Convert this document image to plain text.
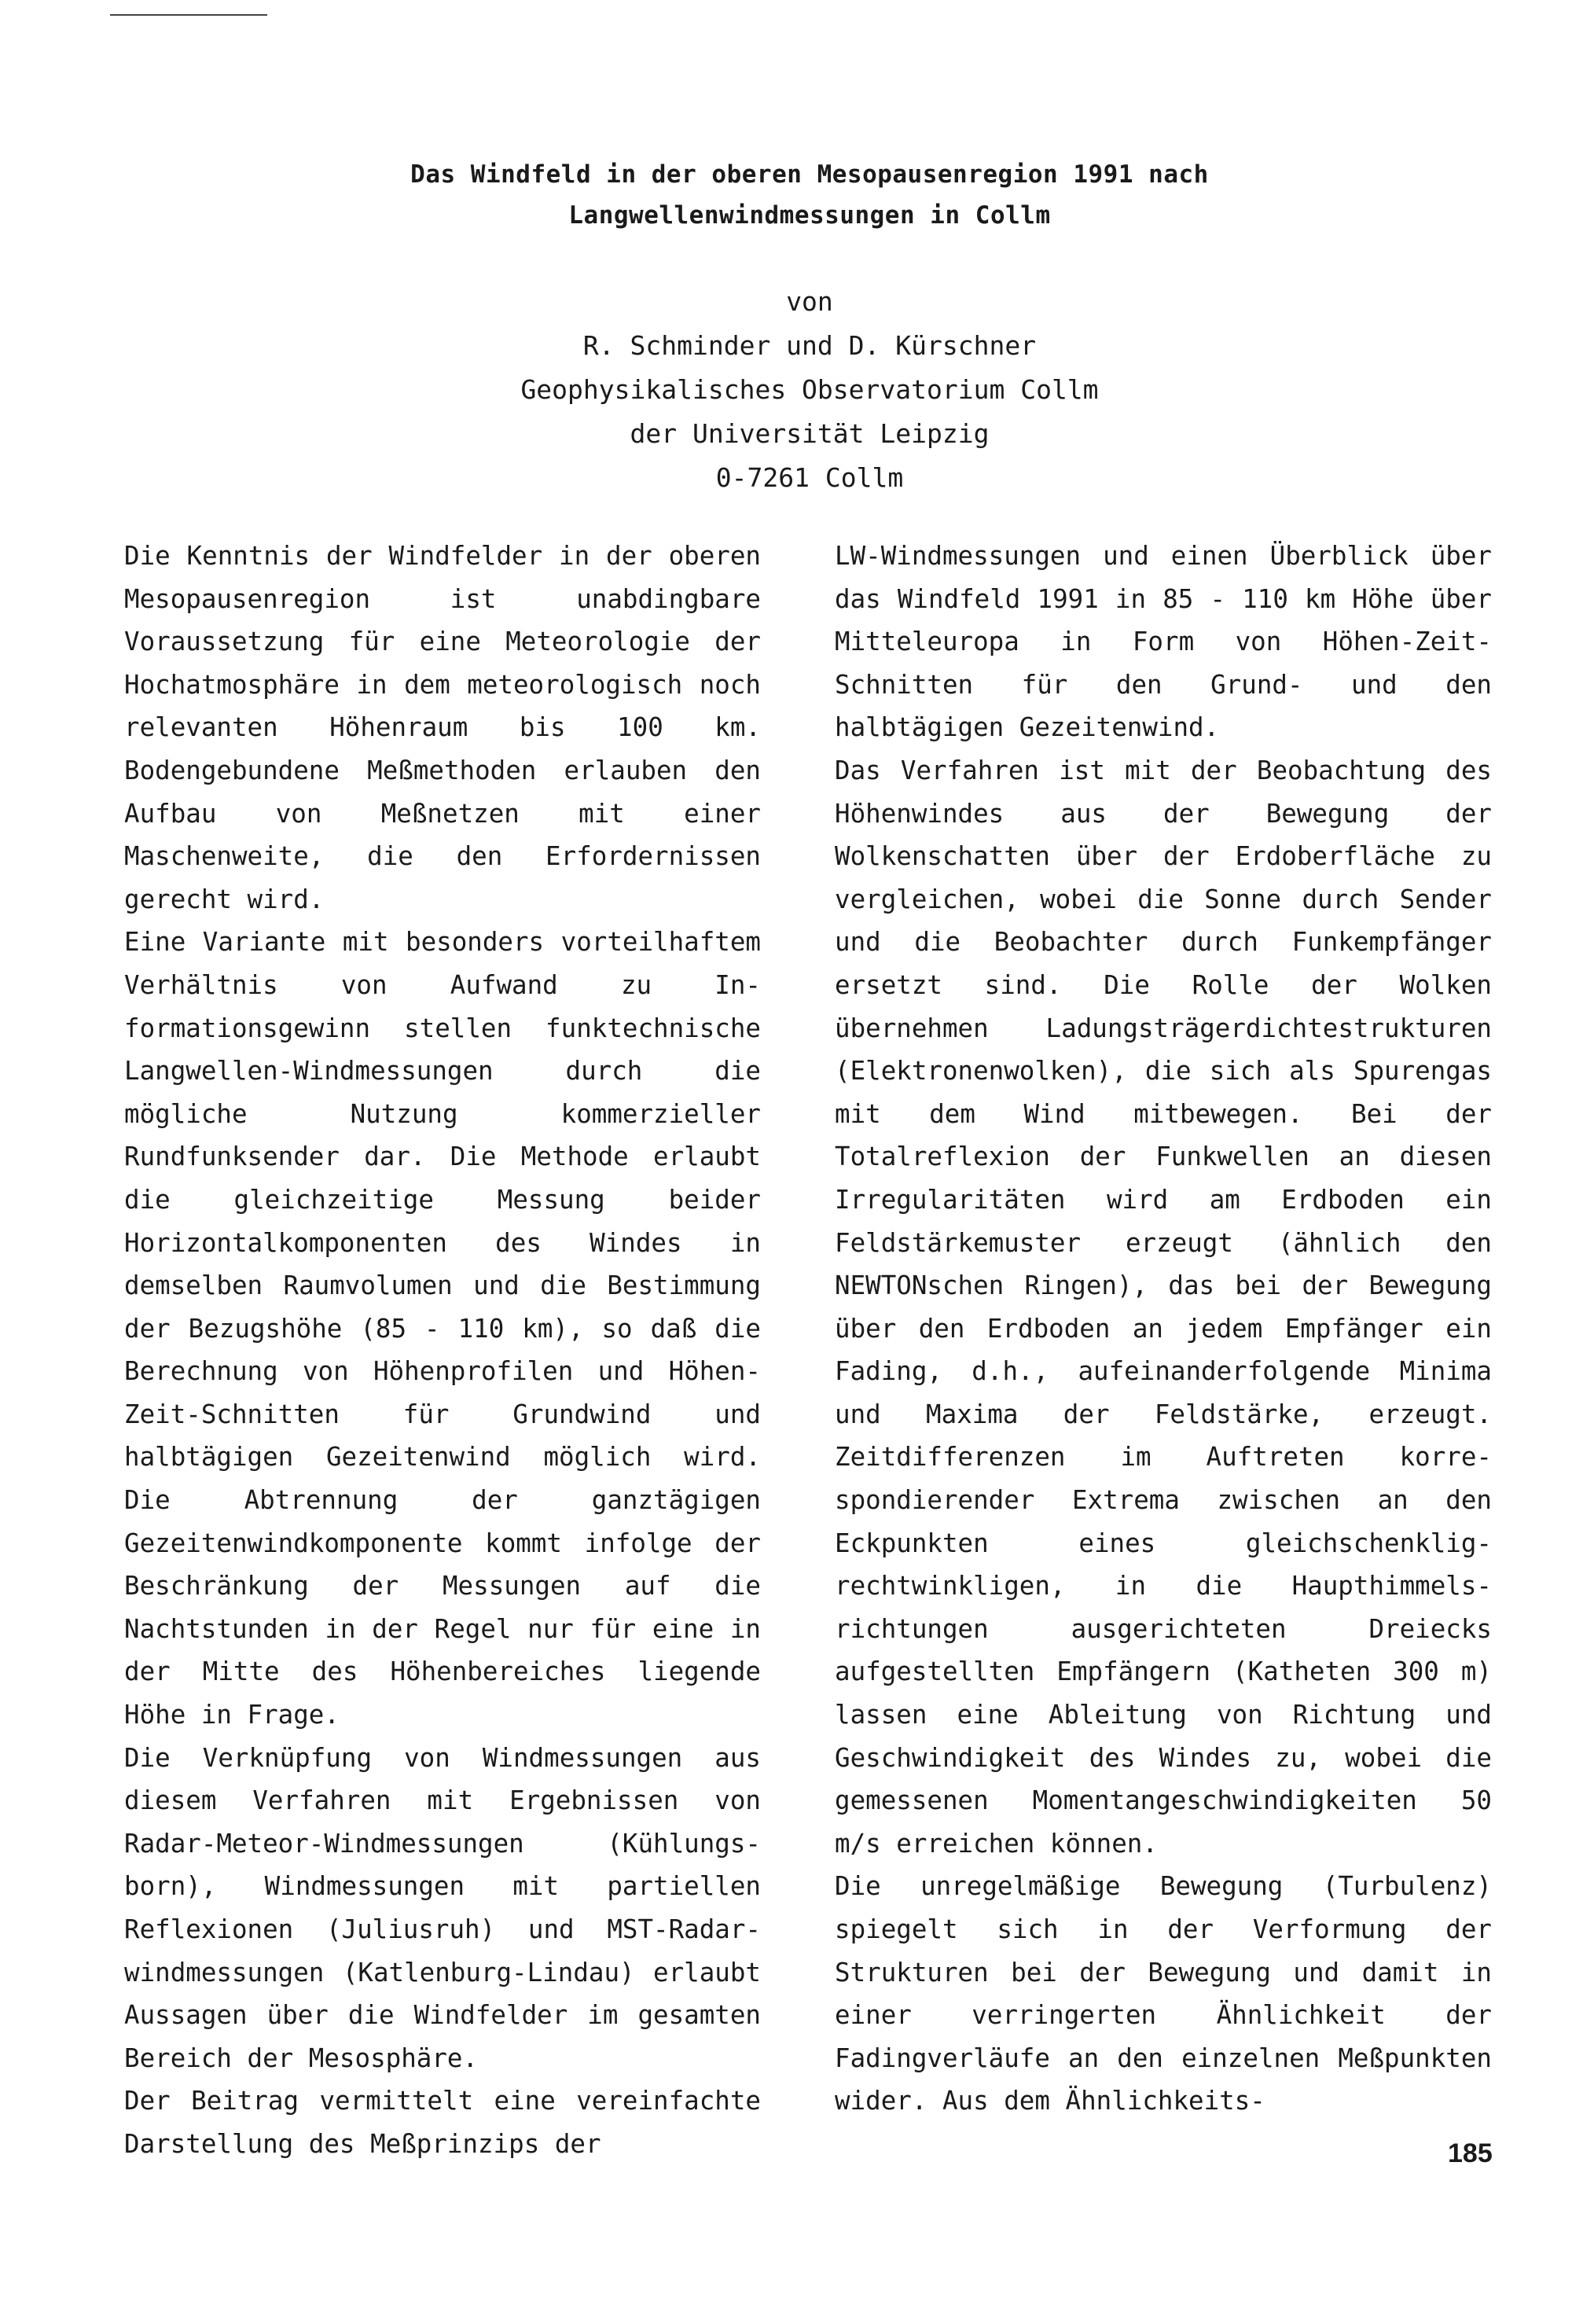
Das Windfeld in der oberen Mesopausenregion 1991 nach
Langwellenwindmessungen in Collm
von
R. Schminder und D. Kürschner
Geophysikalisches Observatorium Collm
der Universität Leipzig
0-7261 Collm

Die Kenntnis der Windfelder in der oberen Mesopausenregion ist unabdingbare Voraussetzung für eine Meteorologie der Hochatmosphäre in dem meteorologisch noch relevanten Höhenraum bis 100 km. Bodengebundene Meßmethoden erlauben den Aufbau von Meßnetzen mit einer Maschenweite, die den Erfordernissen gerecht wird.

Eine Variante mit besonders vorteilhaftem Verhältnis von Aufwand zu Informationsgewinn stellen funktechnische Langwellen-Windmessungen durch die mögliche Nutzung kommerzieller Rundfunksender dar. Die Methode erlaubt die gleichzeitige Messung beider Horizontalkomponenten des Windes in demselben Raumvolumen und die Bestimmung der Bezugshöhe (85 - 110 km), so daß die Berechnung von Höhenprofilen und Höhen-Zeit-Schnitten für Grundwind und halbtägigen Gezeitenwind möglich wird. Die Abtrennung der ganztägigen Gezeitenwindkomponente kommt infolge der Beschränkung der Messungen auf die Nachtstunden in der Regel nur für eine in der Mitte des Höhenbereiches liegende Höhe in Frage.

Die Verknüpfung von Windmessungen aus diesem Verfahren mit Ergebnissen von Radar-Meteor-Windmessungen (Kühlungsborn), Windmessungen mit partiellen Reflexionen (Juliusruh) und MST-Radarwindmessungen (Katlenburg-Lindau) erlaubt Aussagen über die Windfelder im gesamten Bereich der Mesosphäre.

Der Beitrag vermittelt eine vereinfachte Darstellung des Meßprinzips der

LW-Windmessungen und einen Überblick über das Windfeld 1991 in 85 - 110 km Höhe über Mitteleuropa in Form von Höhen-Zeit-Schnitten für den Grund- und den halbtägigen Gezeitenwind.

Das Verfahren ist mit der Beobachtung des Höhenwindes aus der Bewegung der Wolkenschatten über der Erdoberfläche zu vergleichen, wobei die Sonne durch Sender und die Beobachter durch Funkempfänger ersetzt sind. Die Rolle der Wolken übernehmen Ladungsträgerdichtestrukturen (Elektronenwolken), die sich als Spurengas mit dem Wind mitbewegen. Bei der Totalreflexion der Funkwellen an diesen Irregularitäten wird am Erdboden ein Feldstärkemuster erzeugt (ähnlich den NEWTONschen Ringen), das bei der Bewegung über den Erdboden an jedem Empfänger ein Fading, d.h., aufeinanderfolgende Minima und Maxima der Feldstärke, erzeugt. Zeitdifferenzen im Auftreten korrespondierender Extrema zwischen an den Eckpunkten eines gleichschenkligrechtwinkligen, in die Haupthimmelsrichtungen ausgerichteten Dreiecks aufgestellten Empfängern (Katheten 300 m) lassen eine Ableitung von Richtung und Geschwindigkeit des Windes zu, wobei die gemessenen Momentangeschwindigkeiten 50 m/s erreichen können.

Die unregelmäßige Bewegung (Turbulenz) spiegelt sich in der Verformung der Strukturen bei der Bewegung und damit in einer verringerten Ähnlichkeit der Fadingverläufe an den einzelnen Meßpunkten wider. Aus dem Ähnlichkeits-

185
